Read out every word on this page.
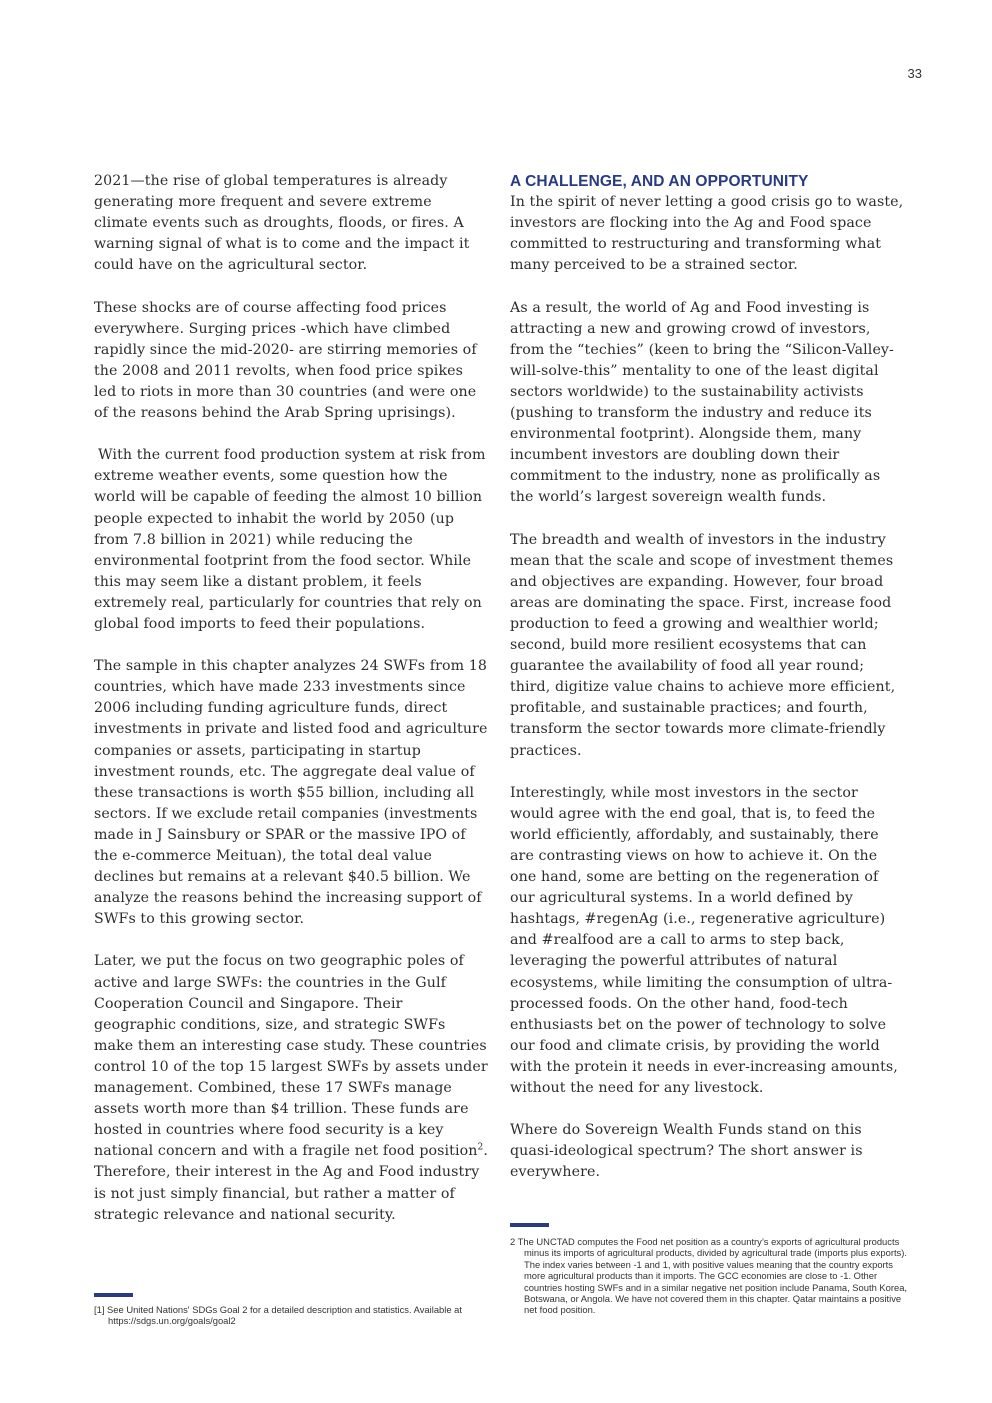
33

2021—the rise of global temperatures is already generating more frequent and severe extreme climate events such as droughts, floods, or fires. A warning signal of what is to come and the impact it could have on the agricultural sector.

These shocks are of course affecting food prices everywhere. Surging prices -which have climbed rapidly since the mid-2020- are stirring memories of the 2008 and 2011 revolts, when food price spikes led to riots in more than 30 countries (and were one of the reasons behind the Arab Spring uprisings).

With the current food production system at risk from extreme weather events, some question how the world will be capable of feeding the almost 10 billion people expected to inhabit the world by 2050 (up from 7.8 billion in 2021) while reducing the environmental footprint from the food sector. While this may seem like a distant problem, it feels extremely real, particularly for countries that rely on global food imports to feed their populations.

The sample in this chapter analyzes 24 SWFs from 18 countries, which have made 233 investments since 2006 including funding agriculture funds, direct investments in private and listed food and agriculture companies or assets, participating in startup investment rounds, etc. The aggregate deal value of these transactions is worth $55 billion, including all sectors. If we exclude retail companies (investments made in J Sainsbury or SPAR or the massive IPO of the e-commerce Meituan), the total deal value declines but remains at a relevant $40.5 billion. We analyze the reasons behind the increasing support of SWFs to this growing sector.

Later, we put the focus on two geographic poles of active and large SWFs: the countries in the Gulf Cooperation Council and Singapore. Their geographic conditions, size, and strategic SWFs make them an interesting case study. These countries control 10 of the top 15 largest SWFs by assets under management. Combined, these 17 SWFs manage assets worth more than $4 trillion. These funds are hosted in countries where food security is a key national concern and with a fragile net food position$^2$. Therefore, their interest in the Ag and Food industry is not just simply financial, but rather a matter of strategic relevance and national security.

[1] See United Nations' SDGs Goal 2 for a detailed description and statistics. Available at https://sdgs.un.org/goals/goal2

A CHALLENGE, AND AN OPPORTUNITY

In the spirit of never letting a good crisis go to waste, investors are flocking into the Ag and Food space committed to restructuring and transforming what many perceived to be a strained sector.

As a result, the world of Ag and Food investing is attracting a new and growing crowd of investors, from the “techies” (keen to bring the “Silicon-Valley-will-solve-this” mentality to one of the least digital sectors worldwide) to the sustainability activists (pushing to transform the industry and reduce its environmental footprint). Alongside them, many incumbent investors are doubling down their commitment to the industry, none as prolifically as the world’s largest sovereign wealth funds.

The breadth and wealth of investors in the industry mean that the scale and scope of investment themes and objectives are expanding. However, four broad areas are dominating the space. First, increase food production to feed a growing and wealthier world; second, build more resilient ecosystems that can guarantee the availability of food all year round; third, digitize value chains to achieve more efficient, profitable, and sustainable practices; and fourth, transform the sector towards more climate-friendly practices.

Interestingly, while most investors in the sector would agree with the end goal, that is, to feed the world efficiently, affordably, and sustainably, there are contrasting views on how to achieve it. On the one hand, some are betting on the regeneration of our agricultural systems. In a world defined by hashtags, #regenAg (i.e., regenerative agriculture) and #realfood are a call to arms to step back, leveraging the powerful attributes of natural ecosystems, while limiting the consumption of ultra-processed foods. On the other hand, food-tech enthusiasts bet on the power of technology to solve our food and climate crisis, by providing the world with the protein it needs in ever-increasing amounts, without the need for any livestock.

Where do Sovereign Wealth Funds stand on this quasi-ideological spectrum? The short answer is everywhere.

2 The UNCTAD computes the Food net position as a country’s exports of agricultural products minus its imports of agricultural products, divided by agricultural trade (imports plus exports). The index varies between -1 and 1, with positive values meaning that the country exports more agricultural products than it imports. The GCC economies are close to -1. Other countries hosting SWFs and in a similar negative net position include Panama, South Korea, Botswana, or Angola. We have not covered them in this chapter. Qatar maintains a positive net food position.
